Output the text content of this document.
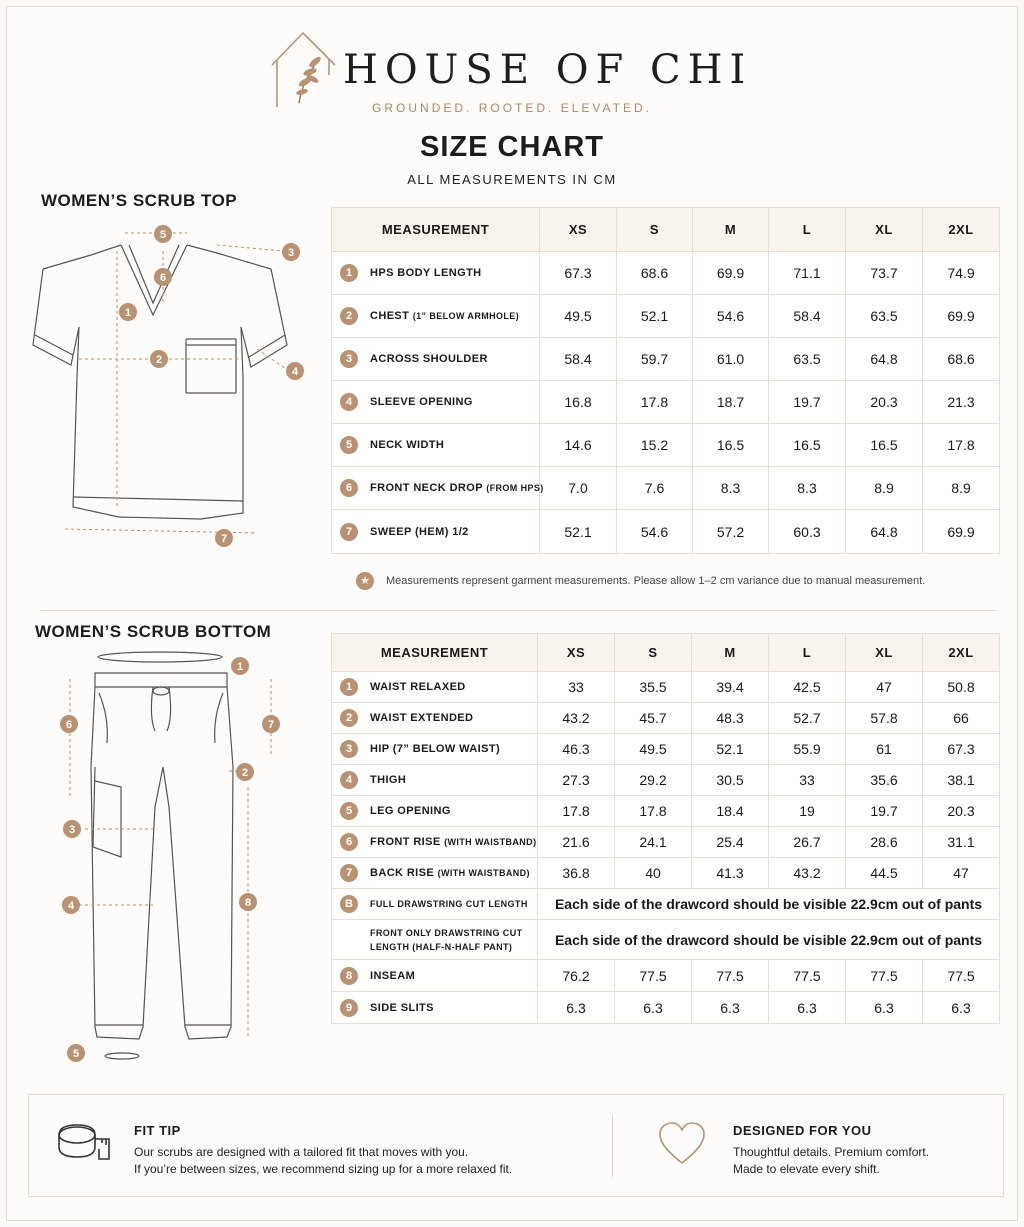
HOUSE OF CHI
GROUNDED. ROOTED. ELEVATED.
SIZE CHART
ALL MEASUREMENTS IN CM
WOMEN’S SCRUB TOP
5
6
3
1
2
4
7
MEASUREMENT	XS	S	M	L	XL	2XL
1 HPS BODY LENGTH	67.3	68.6	69.9	71.1	73.7	74.9
2 CHEST (1” BELOW ARMHOLE)	49.5	52.1	54.6	58.4	63.5	69.9
3 ACROSS SHOULDER	58.4	59.7	61.0	63.5	64.8	68.6
4 SLEEVE OPENING	16.8	17.8	18.7	19.7	20.3	21.3
5 NECK WIDTH	14.6	15.2	16.5	16.5	16.5	17.8
6 FRONT NECK DROP (FROM HPS)	7.0	7.6	8.3	8.3	8.9	8.9
7 SWEEP (HEM) 1/2	52.1	54.6	57.2	60.3	64.8	69.9
★ Measurements represent garment measurements. Please allow 1–2 cm variance due to manual measurement.
WOMEN’S SCRUB BOTTOM
1
6	7
2
3
8
4
5
MEASUREMENT	XS	S	M	L	XL	2XL
1 WAIST RELAXED	33	35.5	39.4	42.5	47	50.8
2 WAIST EXTENDED	43.2	45.7	48.3	52.7	57.8	66
3 HIP (7” BELOW WAIST)	46.3	49.5	52.1	55.9	61	67.3
4 THIGH	27.3	29.2	30.5	33	35.6	38.1
5 LEG OPENING	17.8	17.8	18.4	19	19.7	20.3
6 FRONT RISE (WITH WAISTBAND)	21.6	24.1	25.4	26.7	28.6	31.1
7 BACK RISE (WITH WAISTBAND)	36.8	40	41.3	43.2	44.5	47
B FULL DRAWSTRING CUT LENGTH	Each side of the drawcord should be visible 22.9cm out of pants					
FRONT ONLY DRAWSTRING CUT LENGTH (HALF-N-HALF PANT)	Each side of the drawcord should be visible 22.9cm out of pants					
8 INSEAM	76.2	77.5	77.5	77.5	77.5	77.5
9 SIDE SLITS	6.3	6.3	6.3	6.3	6.3	6.3
FIT TIP
Our scrubs are designed with a tailored fit that moves with you.
If you’re between sizes, we recommend sizing up for a more relaxed fit.
DESIGNED FOR YOU
Thoughtful details. Premium comfort.
Made to elevate every shift.
